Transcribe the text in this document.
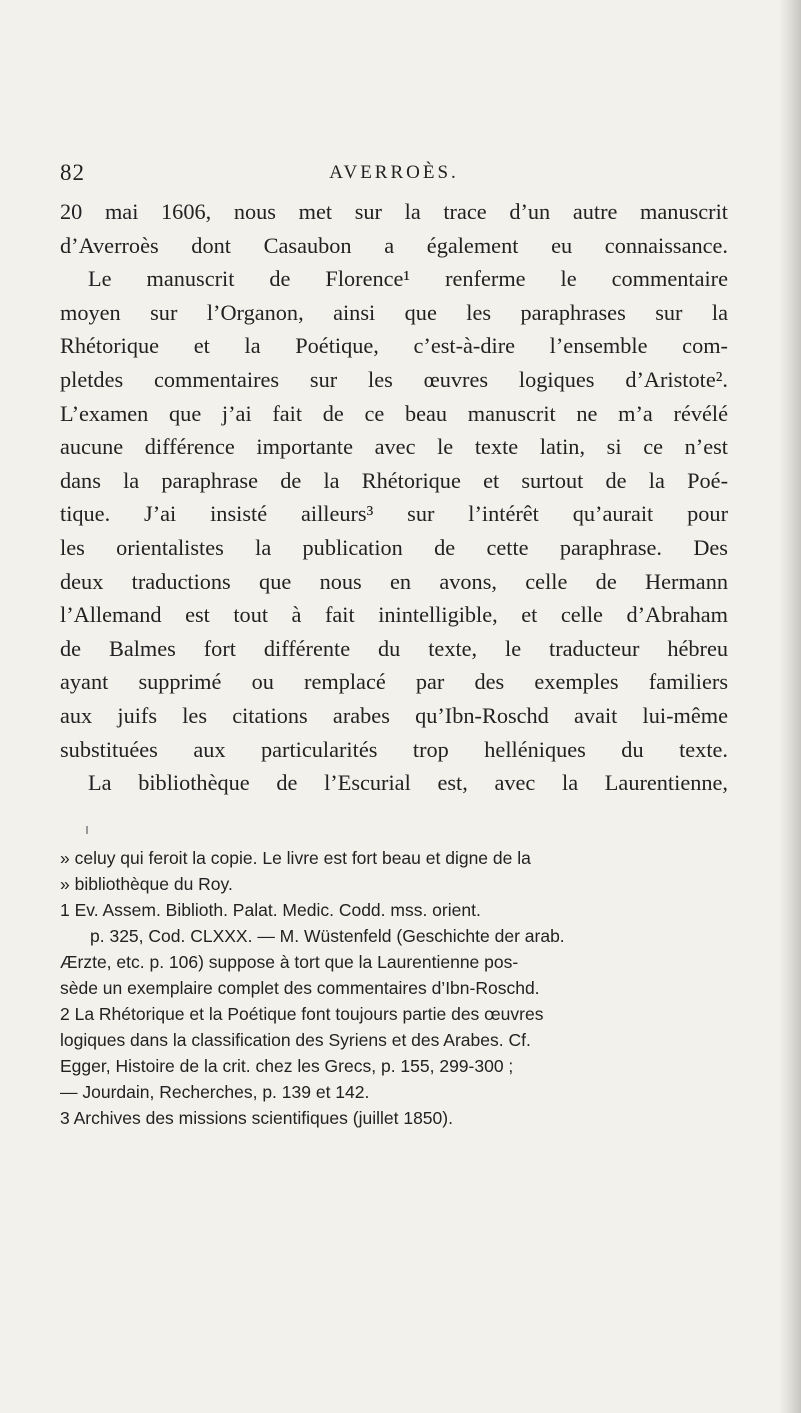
82	AVERROÈS.
20 mai 1606, nous met sur la trace d’un autre manuscrit
d’Averroès dont Casaubon a également eu connaissance.
Le manuscrit de Florence¹ renferme le commentaire
moyen sur l’Organon, ainsi que les paraphrases sur la
Rhétorique et la Poétique, c’est-à-dire l’ensemble com-
pletdes commentaires sur les œuvres logiques d’Aristote².
L’examen que j’ai fait de ce beau manuscrit ne m’a révélé
aucune différence importante avec le texte latin, si ce n’est
dans la paraphrase de la Rhétorique et surtout de la Poé-
tique. J’ai insisté ailleurs³ sur l’intérêt qu’aurait pour
les orientalistes la publication de cette paraphrase. Des
deux traductions que nous en avons, celle de Hermann
l’Allemand est tout à fait inintelligible, et celle d’Abraham
de Balmes fort différente du texte, le traducteur hébreu
ayant supprimé ou remplacé par des exemples familiers
aux juifs les citations arabes qu’Ibn-Roschd avait lui-même
substituées aux particularités trop helléniques du texte.
La bibliothèque de l’Escurial est, avec la Laurentienne,
» celuy qui feroit la copie. Le livre est fort beau et digne de la
» bibliothèque du Roy.
1 Ev. Assem. Biblioth. Palat. Medic. Codd. mss. orient.
p. 325, Cod. CLXXX. — M. Wüstenfeld (Geschichte der arab.
Ærzte, etc. p. 106) suppose à tort que la Laurentienne pos-
sède un exemplaire complet des commentaires d’Ibn-Roschd.
2 La Rhétorique et la Poétique font toujours partie des œuvres
logiques dans la classification des Syriens et des Arabes. Cf.
Egger, Histoire de la crit. chez les Grecs, p. 155, 299-300 ;
— Jourdain, Recherches, p. 139 et 142.
3 Archives des missions scientifiques (juillet 1850).
